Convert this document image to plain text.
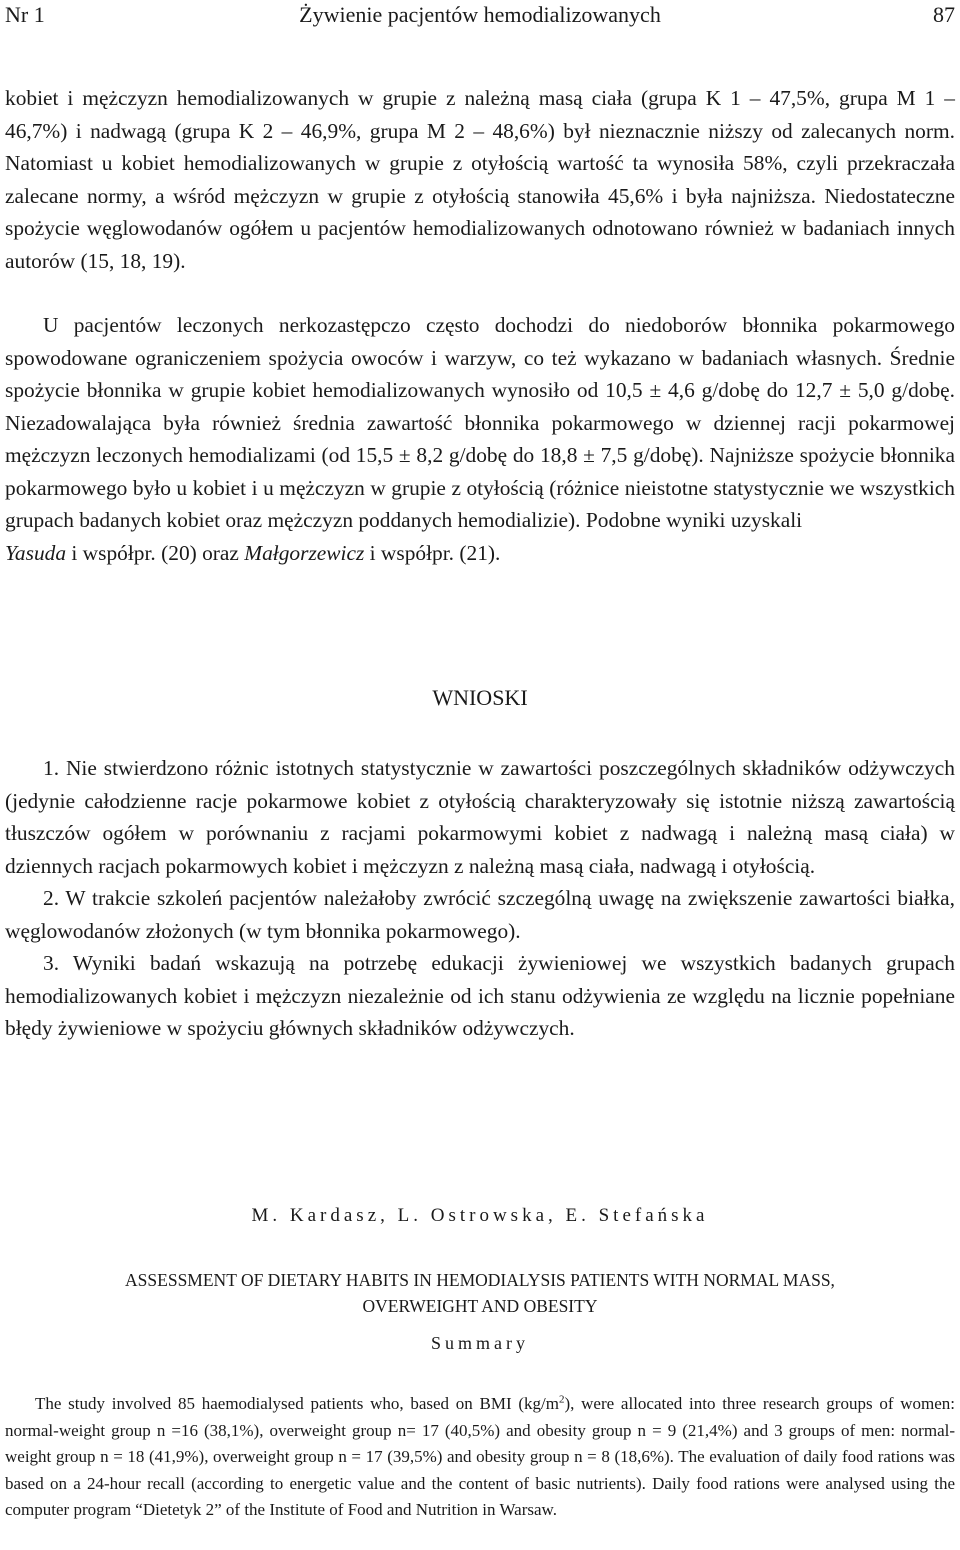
Nr 1	Żywienie pacjentów hemodializowanych	87

kobiet i mężczyzn hemodializowanych w grupie z należną masą ciała (grupa K 1 – 47,5%, grupa M 1 – 46,7%) i nadwagą (grupa K 2 – 46,9%, grupa M 2 – 48,6%) był nieznacznie niższy od zalecanych norm. Natomiast u kobiet hemodializowanych w grupie z otyłością wartość ta wynosiła 58%, czyli przekraczała zalecane normy, a wśród mężczyzn w grupie z otyłością stanowiła 45,6% i była najniższa. Niedostateczne spożycie węglowodanów ogółem u pacjentów hemodializowanych odnotowano również w badaniach innych autorów (15, 18, 19).

U pacjentów leczonych nerkozastępczo często dochodzi do niedoborów błonnika pokarmowego spowodowane ograniczeniem spożycia owoców i warzyw, co też wykazano w badaniach własnych. Średnie spożycie błonnika w grupie kobiet hemodializowanych wynosiło od 10,5 ± 4,6 g/dobę do 12,7 ± 5,0 g/dobę. Niezadowalająca była również średnia zawartość błonnika pokarmowego w dziennej racji pokarmowej mężczyzn leczonych hemodializami (od 15,5 ± 8,2 g/dobę do 18,8 ± 7,5 g/dobę). Najniższe spożycie błonnika pokarmowego było u kobiet i u mężczyzn w grupie z otyłością (różnice nieistotne statystycznie we wszystkich grupach badanych kobiet oraz mężczyzn poddanych hemodializie). Podobne wyniki uzyskali
Yasuda i współpr. (20) oraz Małgorzewicz i współpr. (21).

WNIOSKI

1. Nie stwierdzono różnic istotnych statystycznie w zawartości poszczególnych składników odżywczych (jedynie całodzienne racje pokarmowe kobiet z otyłością charakteryzowały się istotnie niższą zawartością tłuszczów ogółem w porównaniu z racjami pokarmowymi kobiet z nadwagą i należną masą ciała) w dziennych racjach pokarmowych kobiet i mężczyzn z należną masą ciała, nadwagą i otyłością.

2. W trakcie szkoleń pacjentów należałoby zwrócić szczególną uwagę na zwiększenie zawartości białka, węglowodanów złożonych (w tym błonnika pokarmowego).

3. Wyniki badań wskazują na potrzebę edukacji żywieniowej we wszystkich badanych grupach hemodializowanych kobiet i mężczyzn niezależnie od ich stanu odżywienia ze względu na licznie popełniane błędy żywieniowe w spożyciu głównych składników odżywczych.

M. Kardasz, L. Ostrowska, E. Stefańska
ASSESSMENT OF DIETARY HABITS IN HEMODIALYSIS PATIENTS WITH NORMAL MASS,
OVERWEIGHT AND OBESITY
Summary

The study involved 85 haemodialysed patients who, based on BMI $(kg/m^2)$, were allocated into three research groups of women: normal-weight group n =16 (38,1%), overweight group n= 17 (40,5%) and obesity group n = 9 (21,4%) and 3 groups of men: normal-weight group n = 18 (41,9%), overweight group n = 17 (39,5%) and obesity group n = 8 (18,6%). The evaluation of daily food rations was based on a 24-hour recall (according to energetic value and the content of basic nutrients). Daily food rations were analysed using the computer program “Dietetyk 2” of the Institute of Food and Nutrition in Warsaw.
